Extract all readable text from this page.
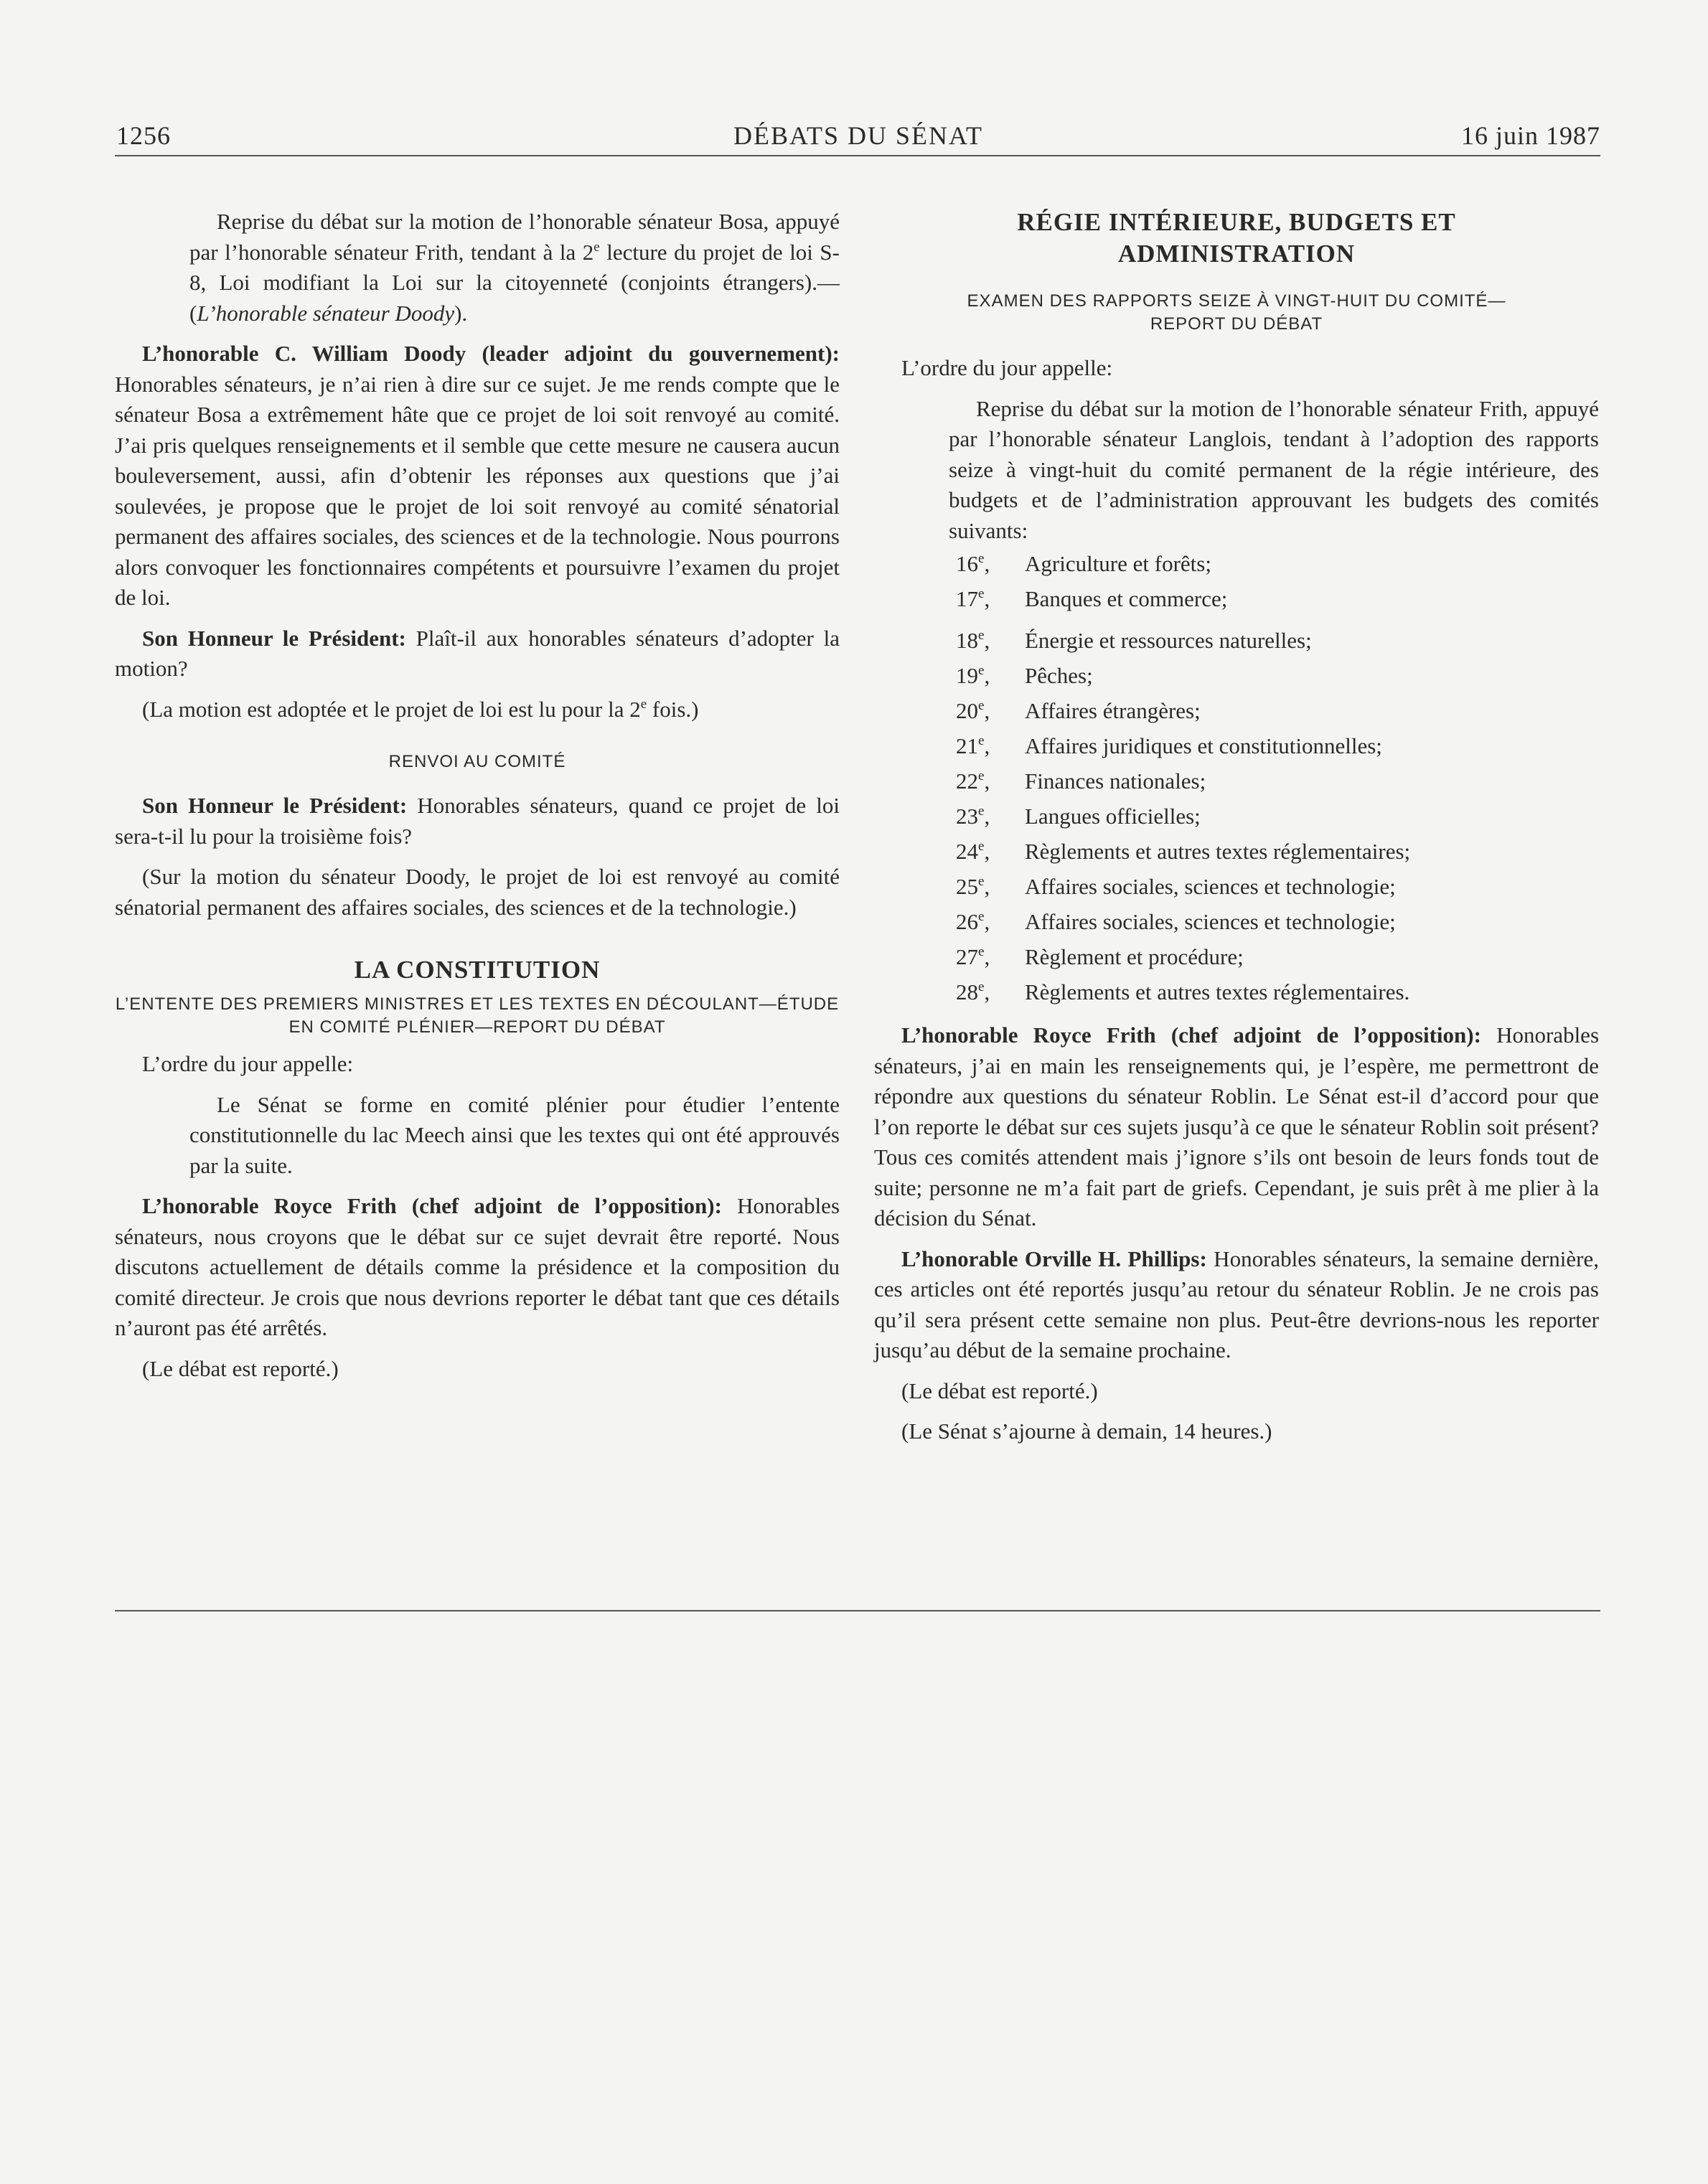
1256	DÉBATS DU SÉNAT	16 juin 1987

Reprise du débat sur la motion de l’honorable sénateur Bosa, appuyé par l’honorable sénateur Frith, tendant à la 2e lecture du projet de loi S-8, Loi modifiant la Loi sur la citoyenneté (conjoints étrangers).—(L’honorable sénateur Doody).

L’honorable C. William Doody (leader adjoint du gouvernement): Honorables sénateurs, je n’ai rien à dire sur ce sujet. Je me rends compte que le sénateur Bosa a extrêmement hâte que ce projet de loi soit renvoyé au comité. J’ai pris quelques renseignements et il semble que cette mesure ne causera aucun bouleversement, aussi, afin d’obtenir les réponses aux questions que j’ai soulevées, je propose que le projet de loi soit renvoyé au comité sénatorial permanent des affaires sociales, des sciences et de la technologie. Nous pourrons alors convoquer les fonctionnaires compétents et poursuivre l’examen du projet de loi.

Son Honneur le Président: Plaît-il aux honorables sénateurs d’adopter la motion?

(La motion est adoptée et le projet de loi est lu pour la 2e fois.)

RENVOI AU COMITÉ

Son Honneur le Président: Honorables sénateurs, quand ce projet de loi sera-t-il lu pour la troisième fois?

(Sur la motion du sénateur Doody, le projet de loi est renvoyé au comité sénatorial permanent des affaires sociales, des sciences et de la technologie.)

LA CONSTITUTION
L’ENTENTE DES PREMIERS MINISTRES ET LES TEXTES EN DÉCOULANT—ÉTUDE EN COMITÉ PLÉNIER—REPORT DU DÉBAT

L’ordre du jour appelle:

Le Sénat se forme en comité plénier pour étudier l’entente constitutionnelle du lac Meech ainsi que les textes qui ont été approuvés par la suite.

L’honorable Royce Frith (chef adjoint de l’opposition): Honorables sénateurs, nous croyons que le débat sur ce sujet devrait être reporté. Nous discutons actuellement de détails comme la présidence et la composition du comité directeur. Je crois que nous devrions reporter le débat tant que ces détails n’auront pas été arrêtés.

(Le débat est reporté.)

RÉGIE INTÉRIEURE, BUDGETS ET ADMINISTRATION
EXAMEN DES RAPPORTS SEIZE À VINGT-HUIT DU COMITÉ—REPORT DU DÉBAT

L’ordre du jour appelle:

Reprise du débat sur la motion de l’honorable sénateur Frith, appuyé par l’honorable sénateur Langlois, tendant à l’adoption des rapports seize à vingt-huit du comité permanent de la régie intérieure, des budgets et de l’administration approuvant les budgets des comités suivants:

16e,	Agriculture et forêts;
17e,	Banques et commerce;
18e,	Énergie et ressources naturelles;
19e,	Pêches;
20e,	Affaires étrangères;
21e,	Affaires juridiques et constitutionnelles;
22e,	Finances nationales;
23e,	Langues officielles;
24e,	Règlements et autres textes réglementaires;
25e,	Affaires sociales, sciences et technologie;
26e,	Affaires sociales, sciences et technologie;
27e,	Règlement et procédure;
28e,	Règlements et autres textes réglementaires.

L’honorable Royce Frith (chef adjoint de l’opposition): Honorables sénateurs, j’ai en main les renseignements qui, je l’espère, me permettront de répondre aux questions du sénateur Roblin. Le Sénat est-il d’accord pour que l’on reporte le débat sur ces sujets jusqu’à ce que le sénateur Roblin soit présent? Tous ces comités attendent mais j’ignore s’ils ont besoin de leurs fonds tout de suite; personne ne m’a fait part de griefs. Cependant, je suis prêt à me plier à la décision du Sénat.

L’honorable Orville H. Phillips: Honorables sénateurs, la semaine dernière, ces articles ont été reportés jusqu’au retour du sénateur Roblin. Je ne crois pas qu’il sera présent cette semaine non plus. Peut-être devrions-nous les reporter jusqu’au début de la semaine prochaine.

(Le débat est reporté.)

(Le Sénat s’ajourne à demain, 14 heures.)
